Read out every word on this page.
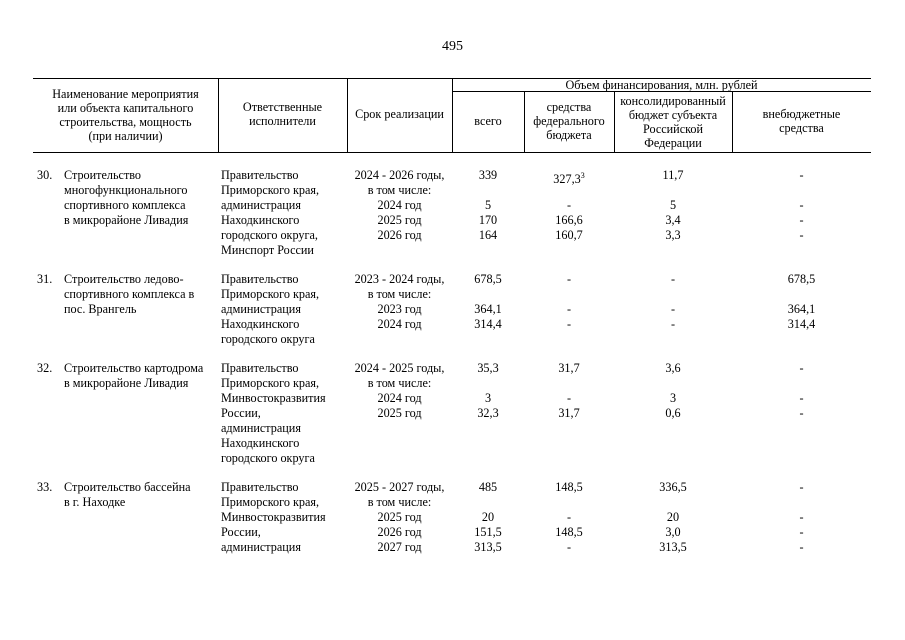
495
Наименование мероприятия
или объекта капитального
строительства, мощность
(при наличии)
Ответственные
исполнители	Срок реализации
Объем финансирования, млн. рублей
всего
средства
федерального
бюджета
консолидированный
бюджет субъекта
Российской
Федерации
внебюджетные
средства
30. Строительство
многофункционального
спортивного комплекса
в микрорайоне Ливадия
Правительство
Приморского края,
администрация
Находкинского
городского округа,
Минспорт России
2024 - 2026 годы,
в том числе:
2024 год
2025 год
2026 год
339

5
170
164
327,3$^3$

-
166,6
160,7
11,7

5
3,4
3,3
-

-
-
-
31. Строительство ледово-
спортивного комплекса в
пос. Врангель
Правительство
Приморского края,
администрация
Находкинского
городского округа
2023 - 2024 годы,
в том числе:
2023 год
2024 год
678,5

364,1
314,4
-

-
-
-

-
-
678,5

364,1
314,4
32. Строительство картодрома
в микрорайоне Ливадия
Правительство
Приморского края,
Минвостокразвития
России,
администрация
Находкинского
городского округа
2024 - 2025 годы,
в том числе:
2024 год
2025 год
35,3

3
32,3
31,7

-
31,7
3,6

3
0,6
-

-
-
33. Строительство бассейна
в г. Находке
Правительство
Приморского края,
Минвостокразвития
России,
администрация
2025 - 2027 годы,
в том числе:
2025 год
2026 год
2027 год
485

20
151,5
313,5
148,5

-
148,5
-
336,5

20
3,0
313,5
-

-
-
-
